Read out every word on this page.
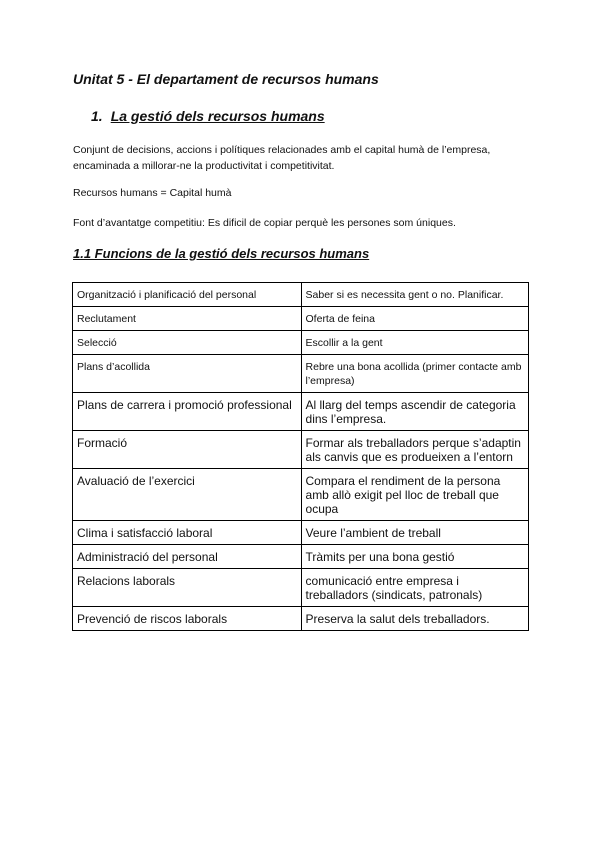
Unitat 5 - El departament de recursos humans
1. La gestió dels recursos humans

Conjunt de decisions, accions i polítiques relacionades amb el capital humà de l’empresa, encaminada a millorar-ne la productivitat i competitivitat.

Recursos humans = Capital humà

Font d’avantatge competitiu: Es dificil de copiar perquè les persones som úniques.

1.1 Funcions de la gestió dels recursos humans
Organització i planificació del personal	Saber si es necessita gent o no. Planificar.
Reclutament	Oferta de feina
Selecció	Escollir a la gent
Plans d’acollida	Rebre una bona acollida (primer contacte amb l’empresa)
Plans de carrera i promoció professional	Al llarg del temps ascendir de categoria dins l’empresa.
Formació	Formar als treballadors perque s’adaptin als canvis que es produeixen a l’entorn
Avaluació de l’exercici	Compara el rendiment de la persona amb allò exigit pel lloc de treball que ocupa
Clima i satisfacció laboral	Veure l’ambient de treball
Administració del personal	Tràmits per una bona gestió
Relacions laborals	comunicació entre empresa i treballadors (sindicats, patronals)
Prevenció de riscos laborals	Preserva la salut dels treballadors.
